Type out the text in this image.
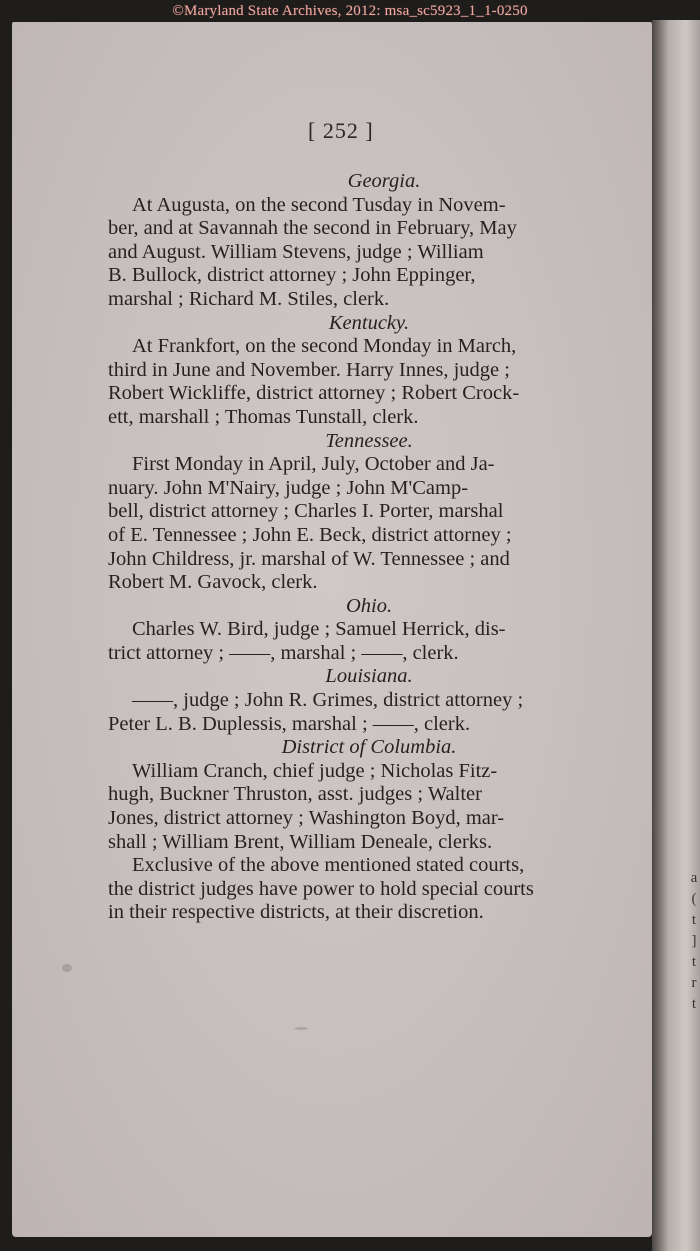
a
(
t
]
t
r
t
©Maryland State Archives, 2012: msa_sc5923_1_1-0250
[ 252 ]

Georgia.

At Augusta, on the second Tusday in Novem-

ber, and at Savannah the second in February, May

and August. William Stevens, judge ; William

B. Bullock, district attorney ; John Eppinger,

marshal ; Richard M. Stiles, clerk.

Kentucky.

At Frankfort, on the second Monday in March,

third in June and November. Harry Innes, judge ;

Robert Wickliffe, district attorney ; Robert Crock-

ett, marshall ; Thomas Tunstall, clerk.

Tennessee.

First Monday in April, July, October and Ja-

nuary. John M'Nairy, judge ; John M'Camp-

bell, district attorney ; Charles I. Porter, marshal

of E. Tennessee ; John E. Beck, district attorney ;

John Childress, jr. marshal of W. Tennessee ; and

Robert M. Gavock, clerk.

Ohio.

Charles W. Bird, judge ; Samuel Herrick, dis-

trict attorney ; ——, marshal ; ——, clerk.

Louisiana.

——, judge ; John R. Grimes, district attorney ;

Peter L. B. Duplessis, marshal ; ——, clerk.

District of Columbia.

William Cranch, chief judge ; Nicholas Fitz-

hugh, Buckner Thruston, asst. judges ; Walter

Jones, district attorney ; Washington Boyd, mar-

shall ; William Brent, William Deneale, clerks.

Exclusive of the above mentioned stated courts,

the district judges have power to hold special courts

in their respective districts, at their discretion.
